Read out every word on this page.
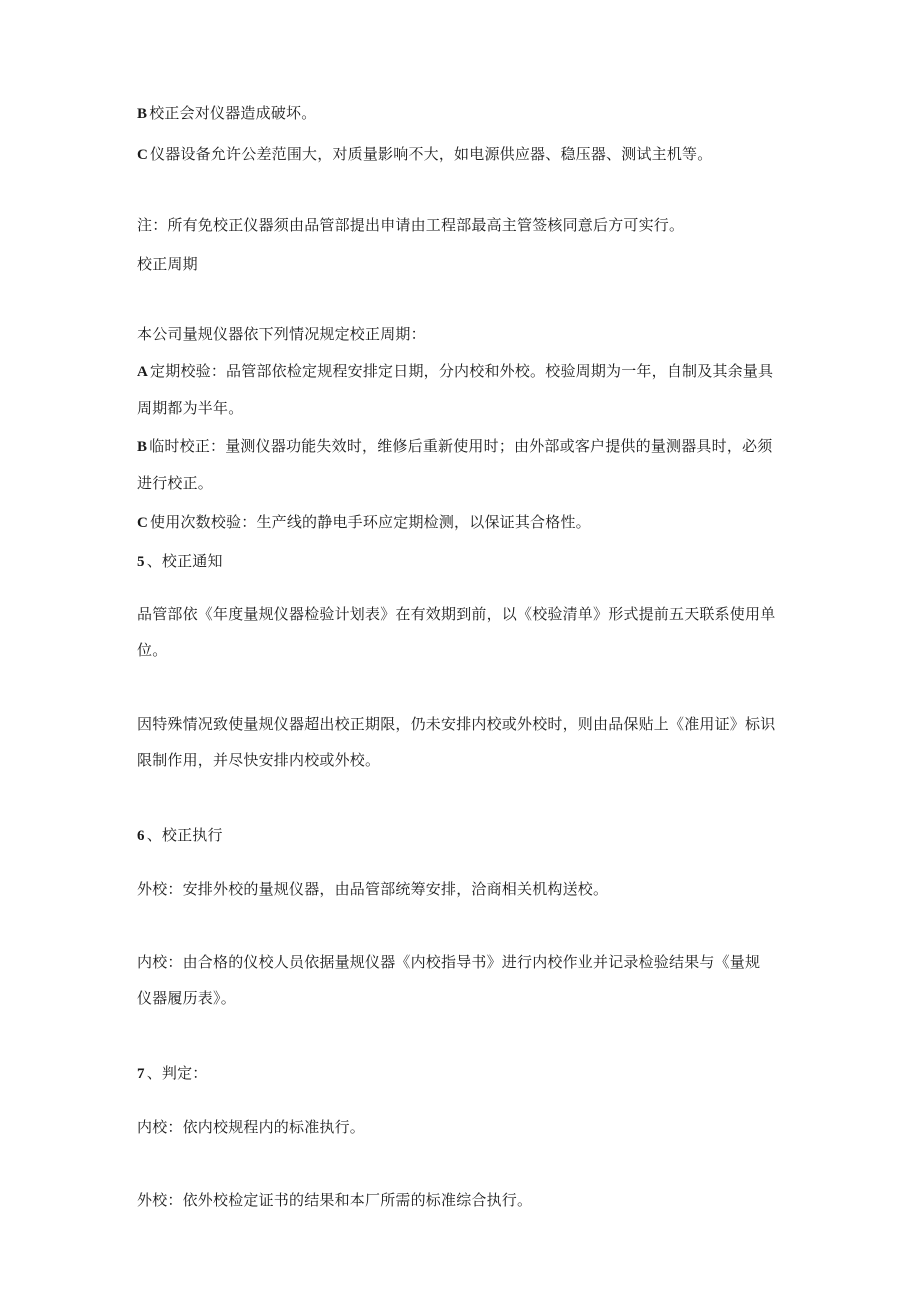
B 校正会对仪器造成破坏。
C 仪器设备允许公差范围大，对质量影响不大，如电源供应器、稳压器、测试主机等。
注：所有免校正仪器须由品管部提出申请由工程部最高主管签核同意后方可实行。
校正周期
本公司量规仪器依下列情况规定校正周期：
A 定期校验：品管部依检定规程安排定日期，分内校和外校。校验周期为一年，自制及其余量具
周期都为半年。
B 临时校正：量测仪器功能失效时，维修后重新使用时；由外部或客户提供的量测器具时，必须
进行校正。
C 使用次数校验：生产线的静电手环应定期检测，以保证其合格性。
5 、校正通知
品管部依《年度量规仪器检验计划表》在有效期到前，以《校验清单》形式提前五天联系使用单
位。
因特殊情况致使量规仪器超出校正期限，仍未安排内校或外校时，则由品保贴上《准用证》标识
限制作用，并尽快安排内校或外校。
6 、校正执行
外校：安排外校的量规仪器，由品管部统筹安排，洽商相关机构送校。
内校：由合格的仪校人员依据量规仪器《内校指导书》进行内校作业并记录检验结果与《量规
仪器履历表》。
7 、判定：
内校：依内校规程内的标准执行。
外校：依外校检定证书的结果和本厂所需的标准综合执行。
